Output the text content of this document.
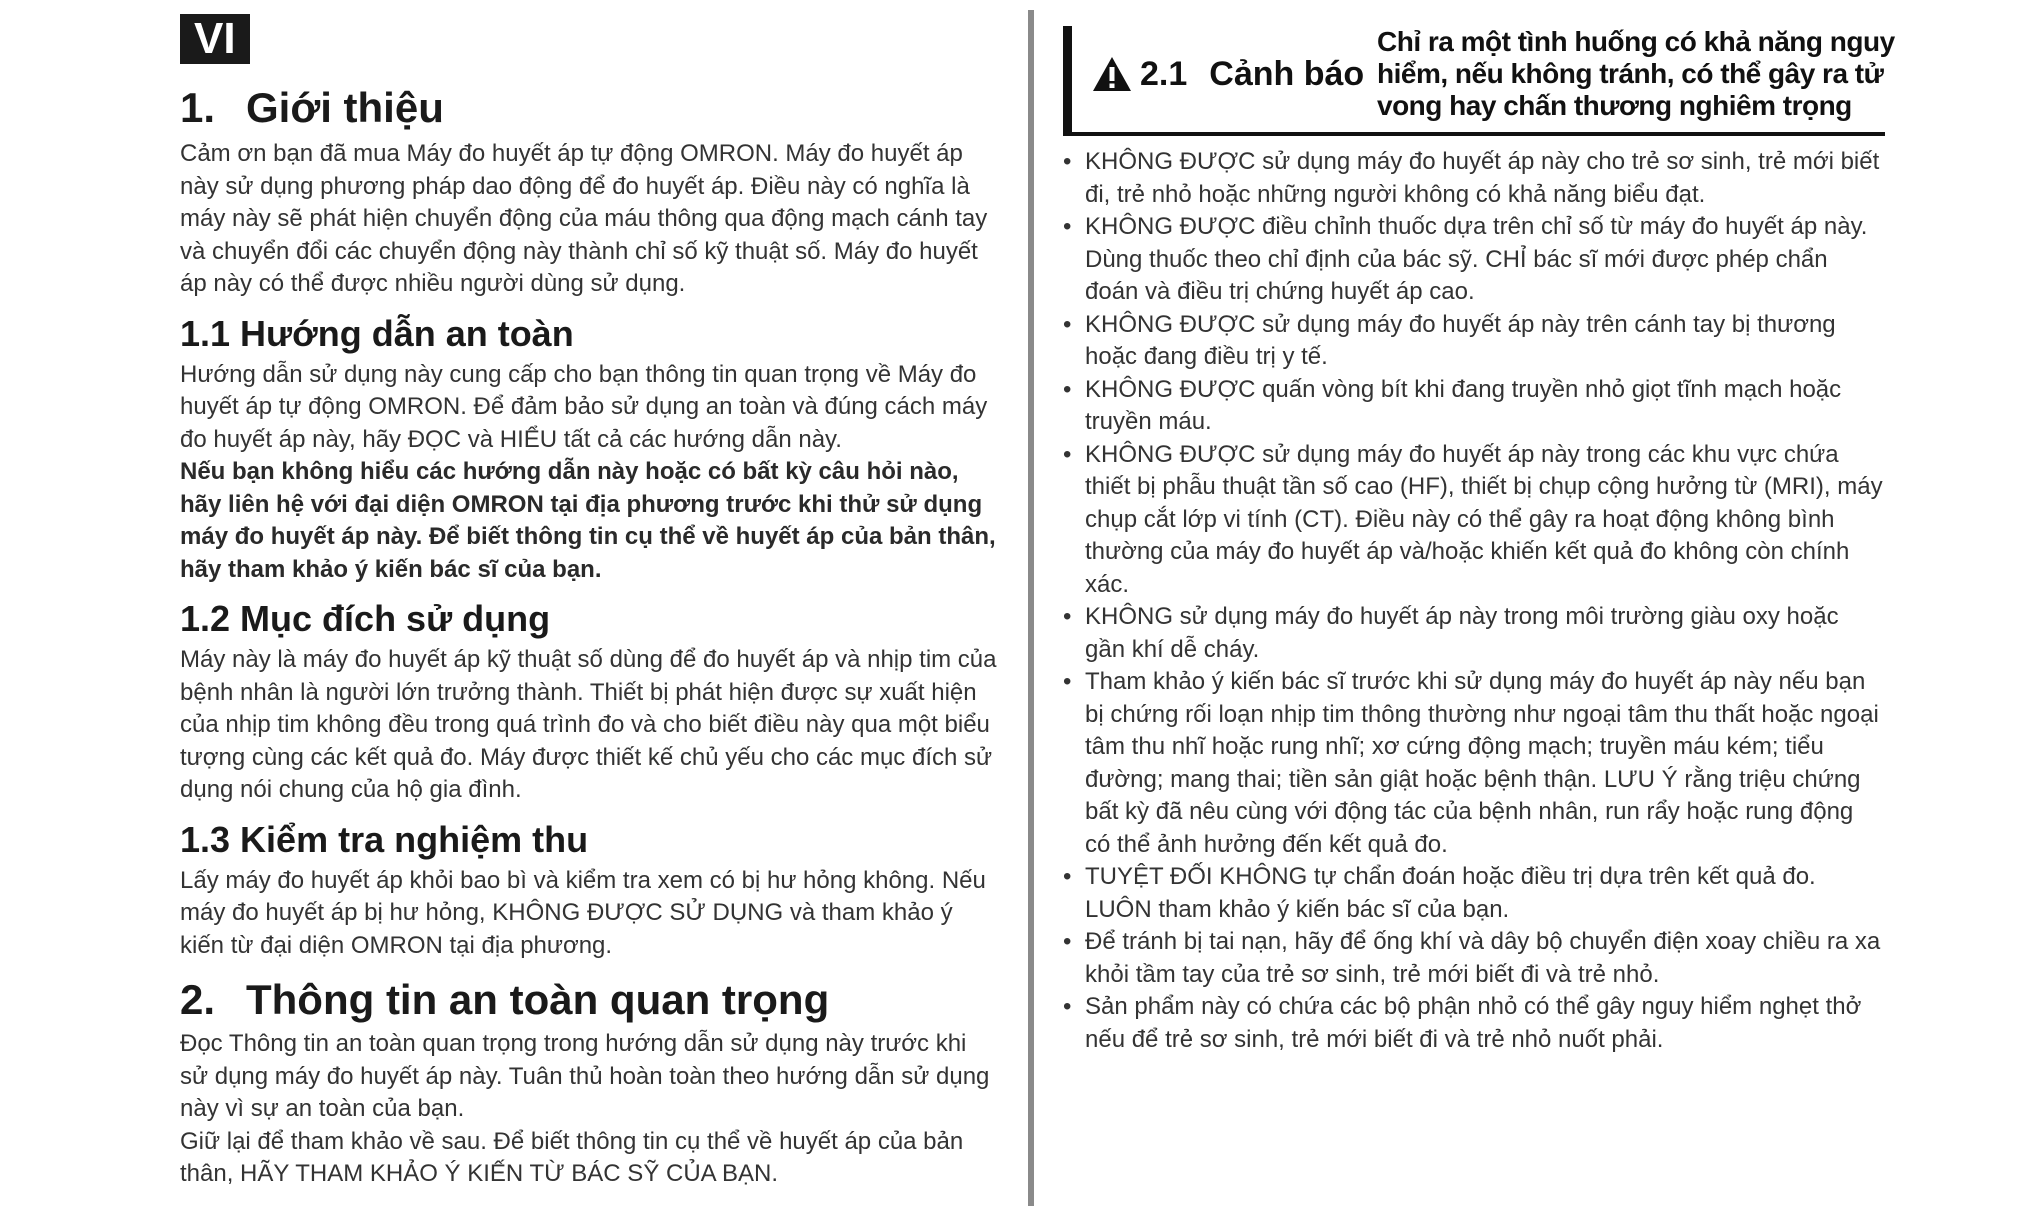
VI
1. Giới thiệu

Cảm ơn bạn đã mua Máy đo huyết áp tự động OMRON. Máy đo huyết áp này sử dụng phương pháp dao động để đo huyết áp. Điều này có nghĩa là máy này sẽ phát hiện chuyển động của máu thông qua động mạch cánh tay và chuyển đổi các chuyển động này thành chỉ số kỹ thuật số. Máy đo huyết áp này có thể được nhiều người dùng sử dụng.

1.1 Hướng dẫn an toàn

Hướng dẫn sử dụng này cung cấp cho bạn thông tin quan trọng về Máy đo huyết áp tự động OMRON. Để đảm bảo sử dụng an toàn và đúng cách máy đo huyết áp này, hãy ĐỌC và HIỂU tất cả các hướng dẫn này.

Nếu bạn không hiểu các hướng dẫn này hoặc có bất kỳ câu hỏi nào, hãy liên hệ với đại diện OMRON tại địa phương trước khi thử sử dụng máy đo huyết áp này. Để biết thông tin cụ thể về huyết áp của bản thân, hãy tham khảo ý kiến bác sĩ của bạn.

1.2 Mục đích sử dụng

Máy này là máy đo huyết áp kỹ thuật số dùng để đo huyết áp và nhịp tim của bệnh nhân là người lớn trưởng thành. Thiết bị phát hiện được sự xuất hiện của nhịp tim không đều trong quá trình đo và cho biết điều này qua một biểu tượng cùng các kết quả đo. Máy được thiết kế chủ yếu cho các mục đích sử dụng nói chung của hộ gia đình.

1.3 Kiểm tra nghiệm thu

Lấy máy đo huyết áp khỏi bao bì và kiểm tra xem có bị hư hỏng không. Nếu máy đo huyết áp bị hư hỏng, KHÔNG ĐƯỢC SỬ DỤNG và tham khảo ý kiến từ đại diện OMRON tại địa phương.

2. Thông tin an toàn quan trọng

Đọc Thông tin an toàn quan trọng trong hướng dẫn sử dụng này trước khi sử dụng máy đo huyết áp này. Tuân thủ hoàn toàn theo hướng dẫn sử dụng này vì sự an toàn của bạn.

Giữ lại để tham khảo về sau. Để biết thông tin cụ thể về huyết áp của bản thân, HÃY THAM KHẢO Ý KIẾN TỪ BÁC SỸ CỦA BẠN.

2.1 Cảnh báo
Chỉ ra một tình huống có khả năng nguy hiểm, nếu không tránh, có thể gây ra tử vong hay chấn thương nghiêm trọng
• KHÔNG ĐƯỢC sử dụng máy đo huyết áp này cho trẻ sơ sinh, trẻ mới biết đi, trẻ nhỏ hoặc những người không có khả năng biểu đạt.
• KHÔNG ĐƯỢC điều chỉnh thuốc dựa trên chỉ số từ máy đo huyết áp này. Dùng thuốc theo chỉ định của bác sỹ. CHỈ bác sĩ mới được phép chẩn đoán và điều trị chứng huyết áp cao.
• KHÔNG ĐƯỢC sử dụng máy đo huyết áp này trên cánh tay bị thương hoặc đang điều trị y tế.
• KHÔNG ĐƯỢC quấn vòng bít khi đang truyền nhỏ giọt tĩnh mạch hoặc truyền máu.
• KHÔNG ĐƯỢC sử dụng máy đo huyết áp này trong các khu vực chứa thiết bị phẫu thuật tần số cao (HF), thiết bị chụp cộng hưởng từ (MRI), máy chụp cắt lớp vi tính (CT). Điều này có thể gây ra hoạt động không bình thường của máy đo huyết áp và/hoặc khiến kết quả đo không còn chính xác.
• KHÔNG sử dụng máy đo huyết áp này trong môi trường giàu oxy hoặc gần khí dễ cháy.
• Tham khảo ý kiến bác sĩ trước khi sử dụng máy đo huyết áp này nếu bạn bị chứng rối loạn nhịp tim thông thường như ngoại tâm thu thất hoặc ngoại tâm thu nhĩ hoặc rung nhĩ; xơ cứng động mạch; truyền máu kém; tiểu đường; mang thai; tiền sản giật hoặc bệnh thận. LƯU Ý rằng triệu chứng bất kỳ đã nêu cùng với động tác của bệnh nhân, run rẩy hoặc rung động có thể ảnh hưởng đến kết quả đo.
• TUYỆT ĐỐI KHÔNG tự chẩn đoán hoặc điều trị dựa trên kết quả đo. LUÔN tham khảo ý kiến bác sĩ của bạn.
• Để tránh bị tai nạn, hãy để ống khí và dây bộ chuyển điện xoay chiều ra xa khỏi tầm tay của trẻ sơ sinh, trẻ mới biết đi và trẻ nhỏ.
• Sản phẩm này có chứa các bộ phận nhỏ có thể gây nguy hiểm nghẹt thở nếu để trẻ sơ sinh, trẻ mới biết đi và trẻ nhỏ nuốt phải.
